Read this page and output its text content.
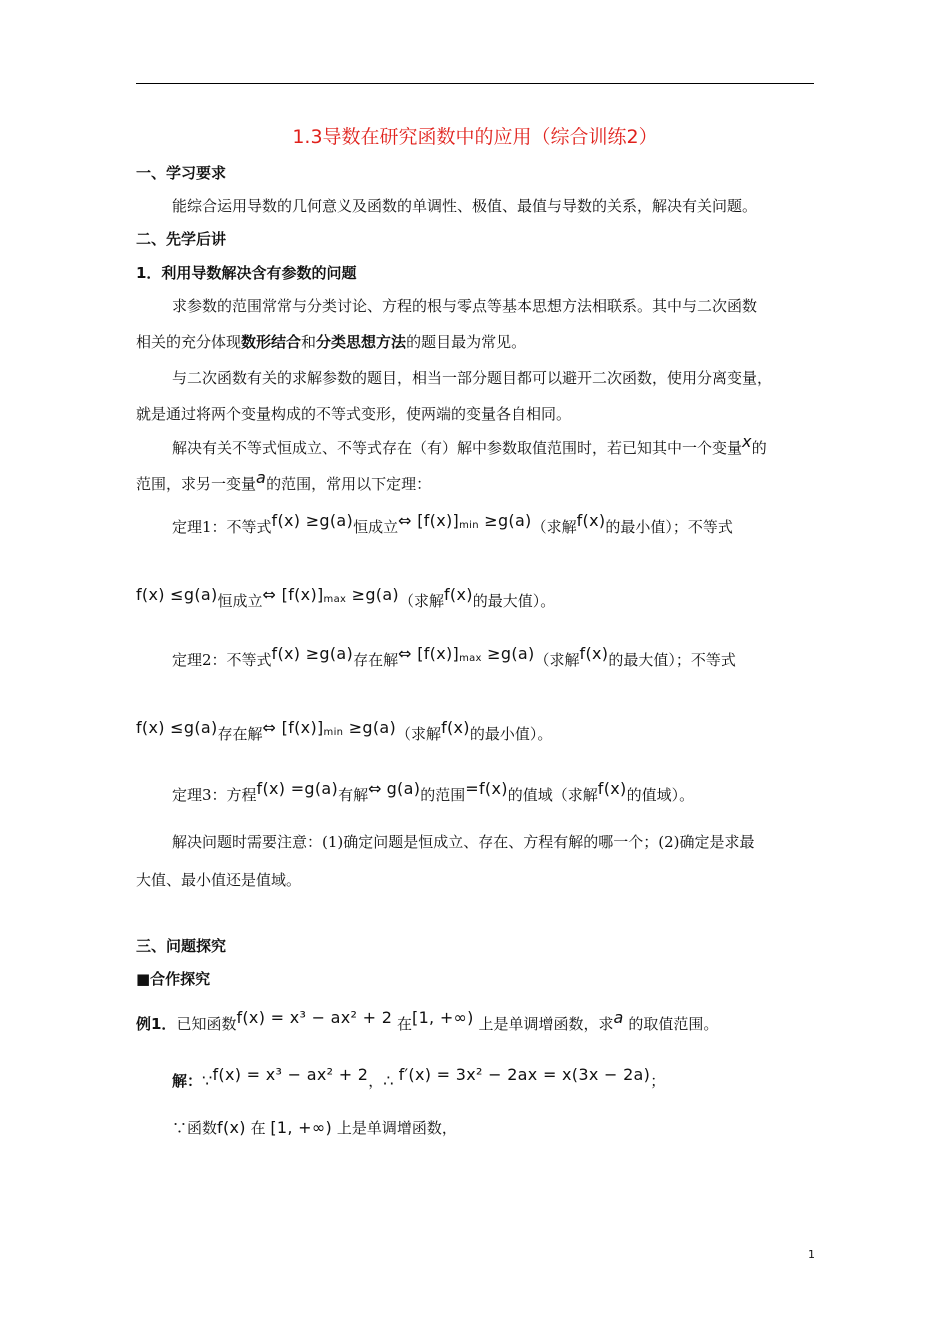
1.3导数在研究函数中的应用（综合训练2）
一、学习要求
能综合运用导数的几何意义及函数的单调性、极值、最值与导数的关系，解决有关问题。
二、先学后讲
1．利用导数解决含有参数的问题
求参数的范围常常与分类讨论、方程的根与零点等基本思想方法相联系。其中与二次函数
相关的充分体现数形结合和分类思想方法的题目最为常见。
与二次函数有关的求解参数的题目，相当一部分题目都可以避开二次函数，使用分离变量，
就是通过将两个变量构成的不等式变形，使两端的变量各自相同。
解决有关不等式恒成立、不等式存在（有）解中参数取值范围时，若已知其中一个变量x的
范围，求另一变量a的范围，常用以下定理：
定理1：不等式f(x) ≥g(a)恒成立⇔ $[f(x)]_{min} \ge g(a)$（求解f(x)的最小值）；不等式
f(x) ≤g(a)恒成立⇔ $[f(x)]_{max} \ge g(a)$（求解f(x)的最大值）。
定理2：不等式f(x) ≥g(a)存在解⇔ $[f(x)]_{max} \ge g(a)$（求解f(x)的最大值）；不等式
f(x) ≤g(a)存在解⇔ $[f(x)]_{min} \ge g(a)$（求解f(x)的最小值）。
定理3：方程f(x) =g(a)有解⇔ g(a)的范围=f(x)的值域（求解f(x)的值域）。
解决问题时需要注意：(1)确定问题是恒成立、存在、方程有解的哪一个；(2)确定是求最
大值、最小值还是值域。
三、问题探究
■合作探究
例1．已知函数f(x) = x³ − ax² + 2 在[1, +∞) 上是单调增函数，求a 的取值范围。
解：∵f(x) = x³ − ax² + 2，∴ f′(x) = 3x² − 2ax = x(3x − 2a)；
∵函数f(x) 在 [1, +∞) 上是单调增函数，
1
